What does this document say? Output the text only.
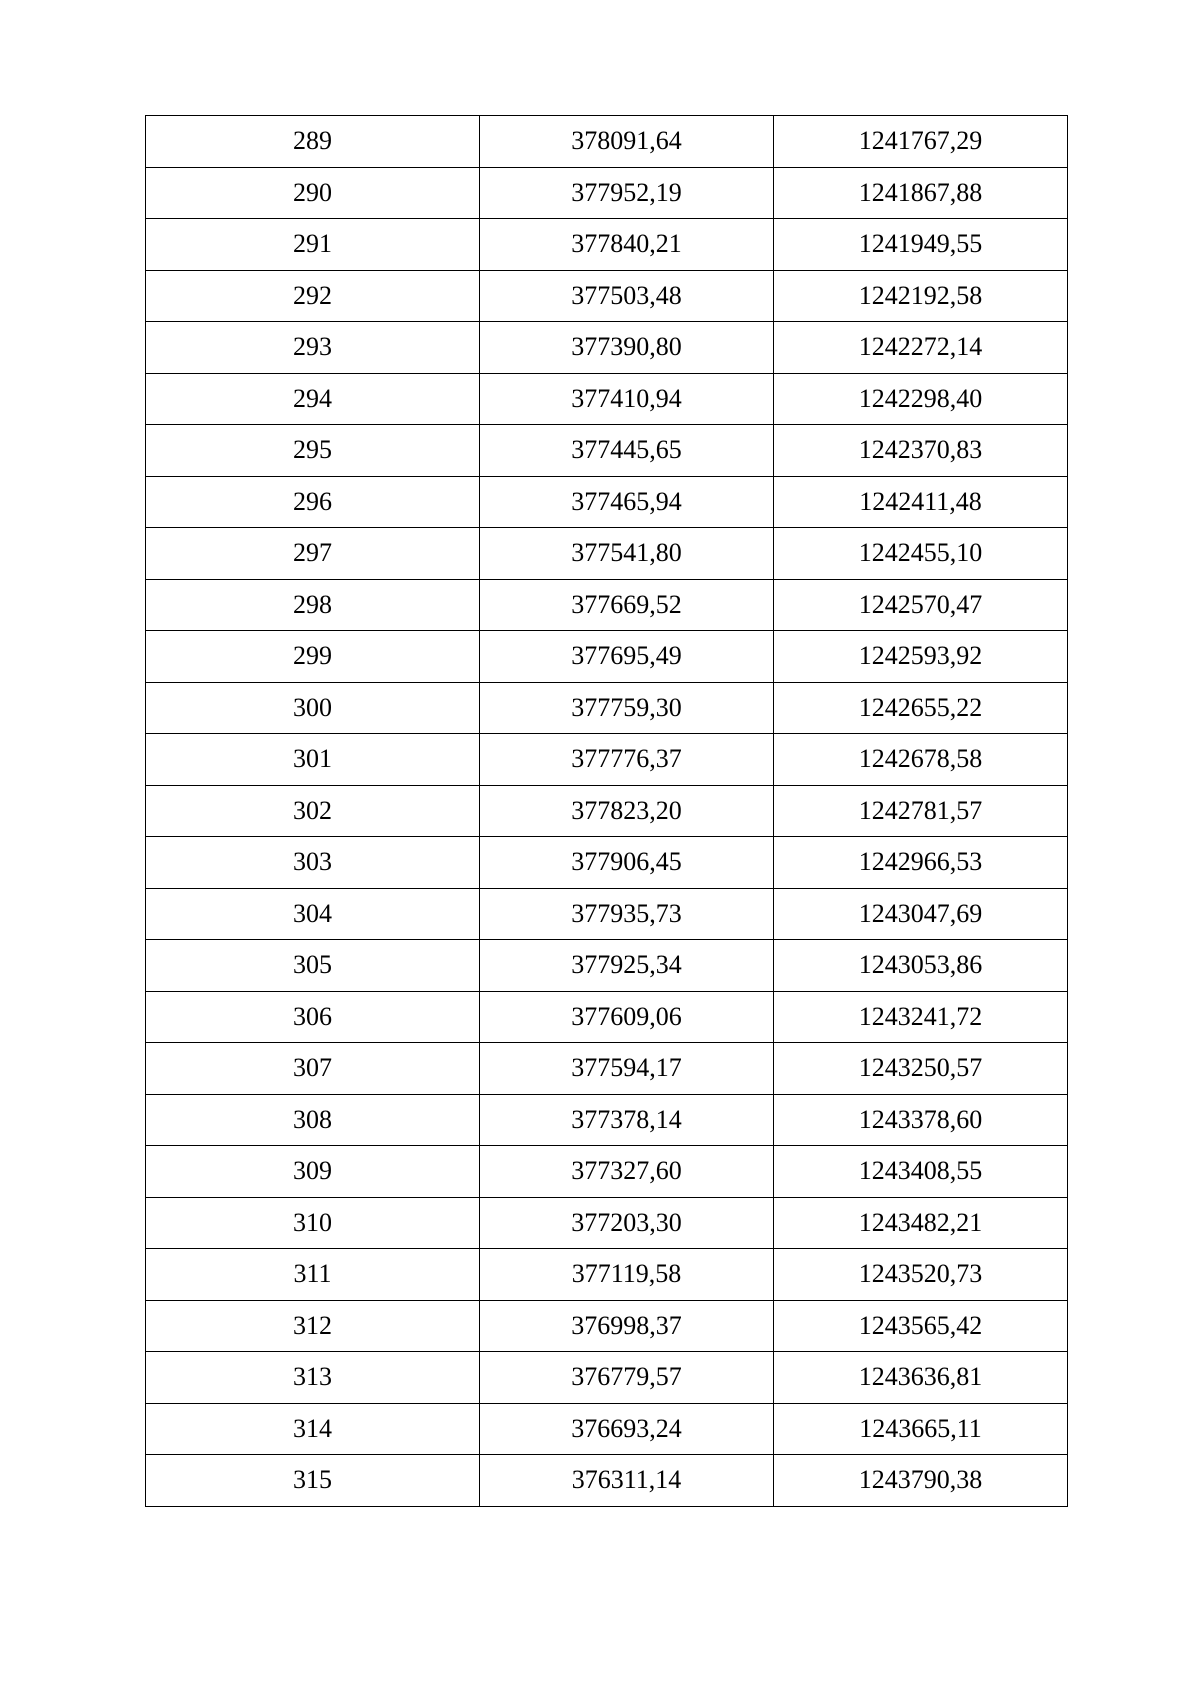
289	378091,64	1241767,29
290	377952,19	1241867,88
291	377840,21	1241949,55
292	377503,48	1242192,58
293	377390,80	1242272,14
294	377410,94	1242298,40
295	377445,65	1242370,83
296	377465,94	1242411,48
297	377541,80	1242455,10
298	377669,52	1242570,47
299	377695,49	1242593,92
300	377759,30	1242655,22
301	377776,37	1242678,58
302	377823,20	1242781,57
303	377906,45	1242966,53
304	377935,73	1243047,69
305	377925,34	1243053,86
306	377609,06	1243241,72
307	377594,17	1243250,57
308	377378,14	1243378,60
309	377327,60	1243408,55
310	377203,30	1243482,21
311	377119,58	1243520,73
312	376998,37	1243565,42
313	376779,57	1243636,81
314	376693,24	1243665,11
315	376311,14	1243790,38
